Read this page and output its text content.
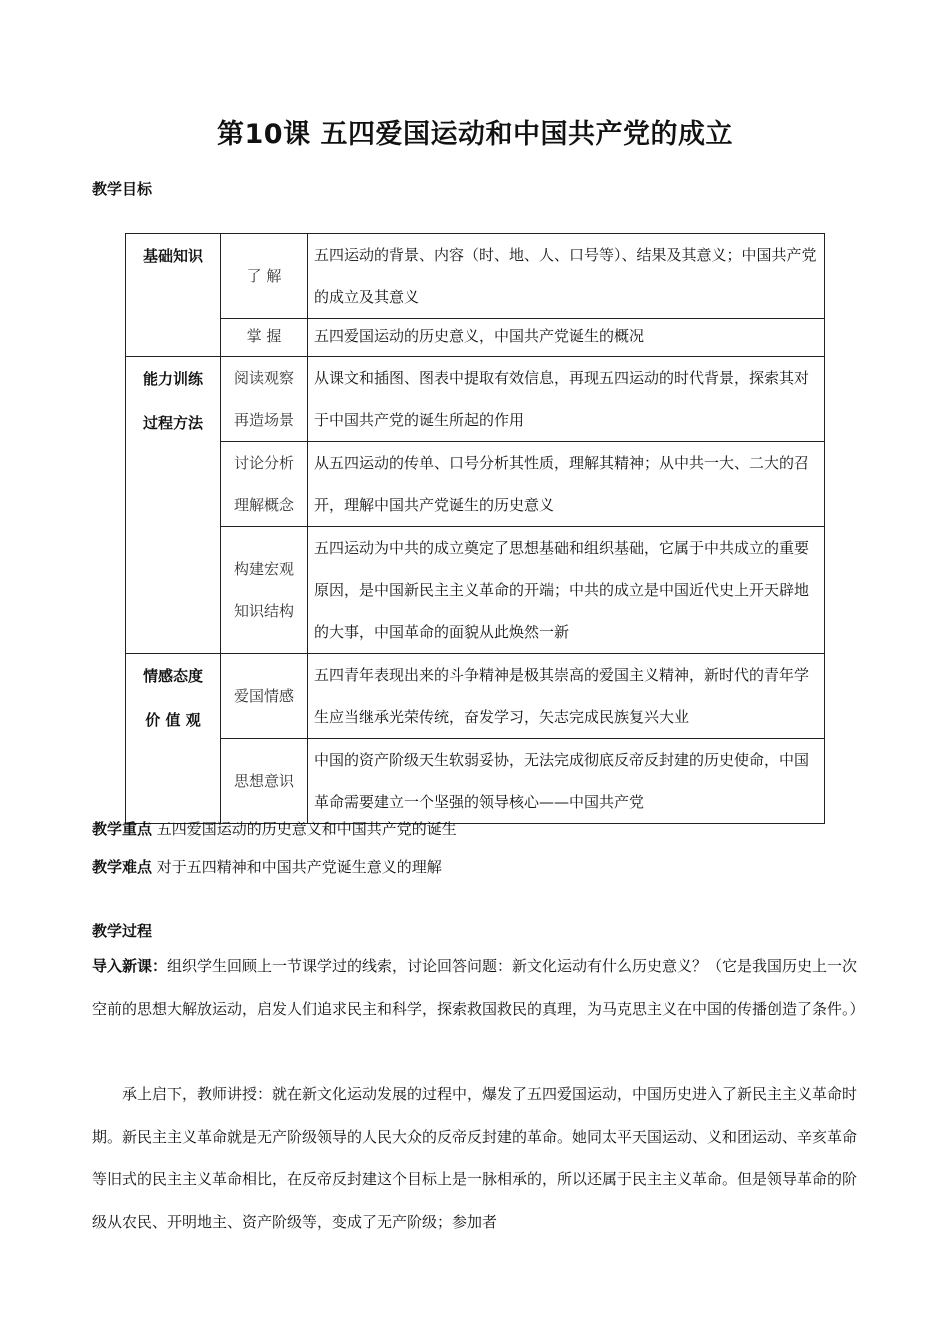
第10课 五四爱国运动和中国共产党的成立
教学目标
基础知识	了 解	五四运动的背景、内容（时、地、人、口号等）、结果及其意义；中国共产党的成立及其意义
	掌 握	五四爱国运动的历史意义，中国共产党诞生的概况
能力训练
过程方法	阅读观察再造场景	从课文和插图、图表中提取有效信息，再现五四运动的时代背景，探索其对于中国共产党的诞生所起的作用
	讨论分析理解概念	从五四运动的传单、口号分析其性质，理解其精神；从中共一大、二大的召开，理解中国共产党诞生的历史意义
	构建宏观知识结构	五四运动为中共的成立奠定了思想基础和组织基础，它属于中共成立的重要原因，是中国新民主主义革命的开端；中共的成立是中国近代史上开天辟地的大事，中国革命的面貌从此焕然一新
情感态度
价 值 观	爱国情感	五四青年表现出来的斗争精神是极其崇高的爱国主义精神，新时代的青年学生应当继承光荣传统，奋发学习，矢志完成民族复兴大业
	思想意识	中国的资产阶级天生软弱妥协，无法完成彻底反帝反封建的历史使命，中国革命需要建立一个坚强的领导核心——中国共产党
教学重点 五四爱国运动的历史意义和中国共产党的诞生
教学难点 对于五四精神和中国共产党诞生意义的理解
教学过程
导入新课：组织学生回顾上一节课学过的线索，讨论回答问题：新文化运动有什么历史意义？（它是我国历史上一次空前的思想大解放运动，启发人们追求民主和科学，探索救国救民的真理，为马克思主义在中国的传播创造了条件。）
承上启下，教师讲授：就在新文化运动发展的过程中，爆发了五四爱国运动，中国历史进入了新民主主义革命时期。新民主主义革命就是无产阶级领导的人民大众的反帝反封建的革命。她同太平天国运动、义和团运动、辛亥革命等旧式的民主主义革命相比，在反帝反封建这个目标上是一脉相承的，所以还属于民主主义革命。但是领导革命的阶级从农民、开明地主、资产阶级等，变成了无产阶级；参加者
